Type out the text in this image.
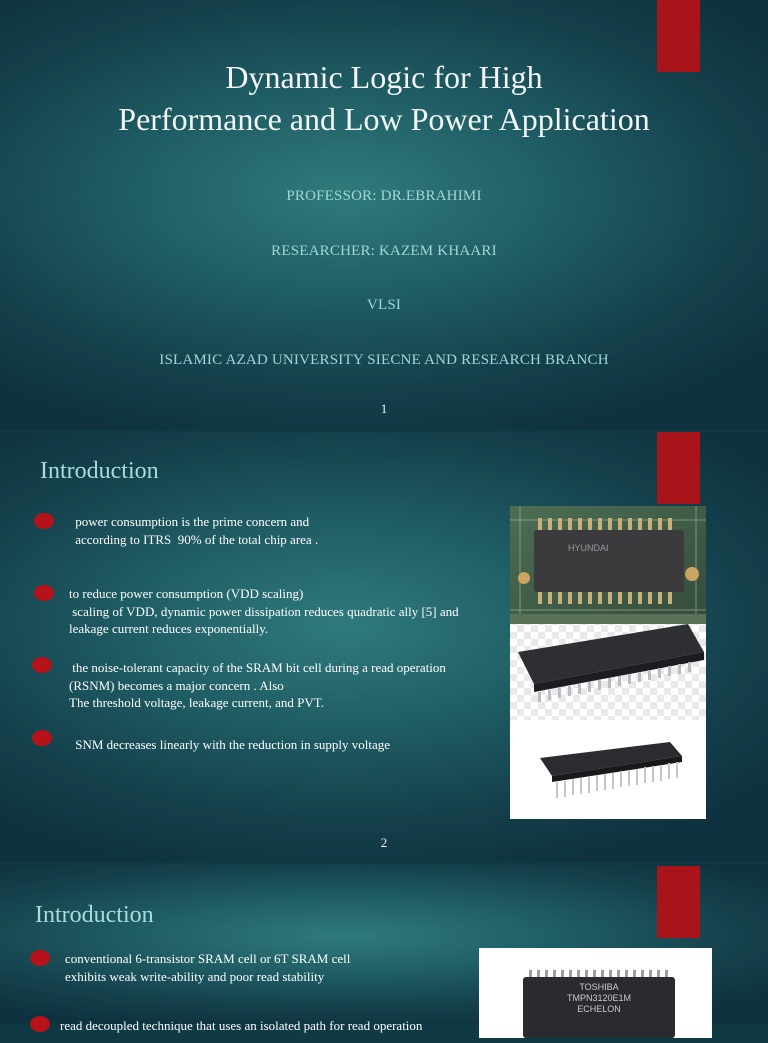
Dynamic Logic for High
Performance and Low Power Application
PROFESSOR: DR.EBRAHIMI
RESEARCHER: KAZEM KHAARI
VLSI
ISLAMIC AZAD UNIVERSITY SIECNE AND RESEARCH BRANCH
1
Introduction
power consumption is the prime concern and
according to ITRS  90% of the total chip area .
to reduce power consumption (VDD scaling)
scaling of VDD, dynamic power dissipation reduces quadratic ally [5] and
leakage current reduces exponentially.
the noise-tolerant capacity of the SRAM bit cell during a read operation
(RSNM) becomes a major concern . Also
The threshold voltage, leakage current, and PVT.
SNM decreases linearly with the reduction in supply voltage
HYUNDAI
2
Introduction
conventional 6-transistor SRAM cell or 6T SRAM cell
exhibits weak write-ability and poor read stability
read decoupled technique that uses an isolated path for read operation
TOSHIBA
TMPN3120E1M
ECHELON
